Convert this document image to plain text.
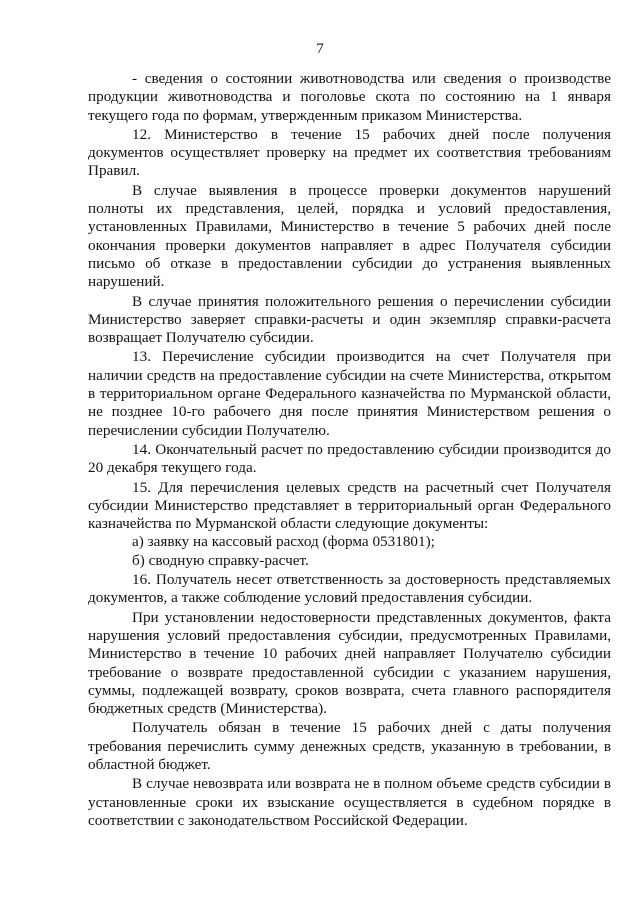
7

- сведения о состоянии животноводства или сведения о производстве продукции животноводства и поголовье скота по состоянию на 1 января текущего года по формам, утвержденным приказом Министерства.

12. Министерство в течение 15 рабочих дней после получения документов осуществляет проверку на предмет их соответствия требованиям Правил.

В случае выявления в процессе проверки документов нарушений полноты их представления, целей, порядка и условий предоставления, установленных Правилами, Министерство в течение 5 рабочих дней после окончания проверки документов направляет в адрес Получателя субсидии письмо об отказе в предоставлении субсидии до устранения выявленных нарушений.

В случае принятия положительного решения о перечислении субсидии Министерство заверяет справки-расчеты и один экземпляр справки-расчета возвращает Получателю субсидии.

13. Перечисление субсидии производится на счет Получателя при наличии средств на предоставление субсидии на счете Министерства, открытом в территориальном органе Федерального казначейства по Мурманской области, не позднее 10-го рабочего дня после принятия Министерством решения о перечислении субсидии Получателю.

14. Окончательный расчет по предоставлению субсидии производится до 20 декабря текущего года.

15. Для перечисления целевых средств на расчетный счет Получателя субсидии Министерство представляет в территориальный орган Федерального казначейства по Мурманской области следующие документы:

а) заявку на кассовый расход (форма 0531801);

б) сводную справку-расчет.

16. Получатель несет ответственность за достоверность представляемых документов, а также соблюдение условий предоставления субсидии.

При установлении недостоверности представленных документов, факта нарушения условий предоставления субсидии, предусмотренных Правилами, Министерство в течение 10 рабочих дней направляет Получателю субсидии требование о возврате предоставленной субсидии с указанием нарушения, суммы, подлежащей возврату, сроков возврата, счета главного распорядителя бюджетных средств (Министерства).

Получатель обязан в течение 15 рабочих дней с даты получения требования перечислить сумму денежных средств, указанную в требовании, в областной бюджет.

В случае невозврата или возврата не в полном объеме средств субсидии в установленные сроки их взыскание осуществляется в судебном порядке в соответствии с законодательством Российской Федерации.
